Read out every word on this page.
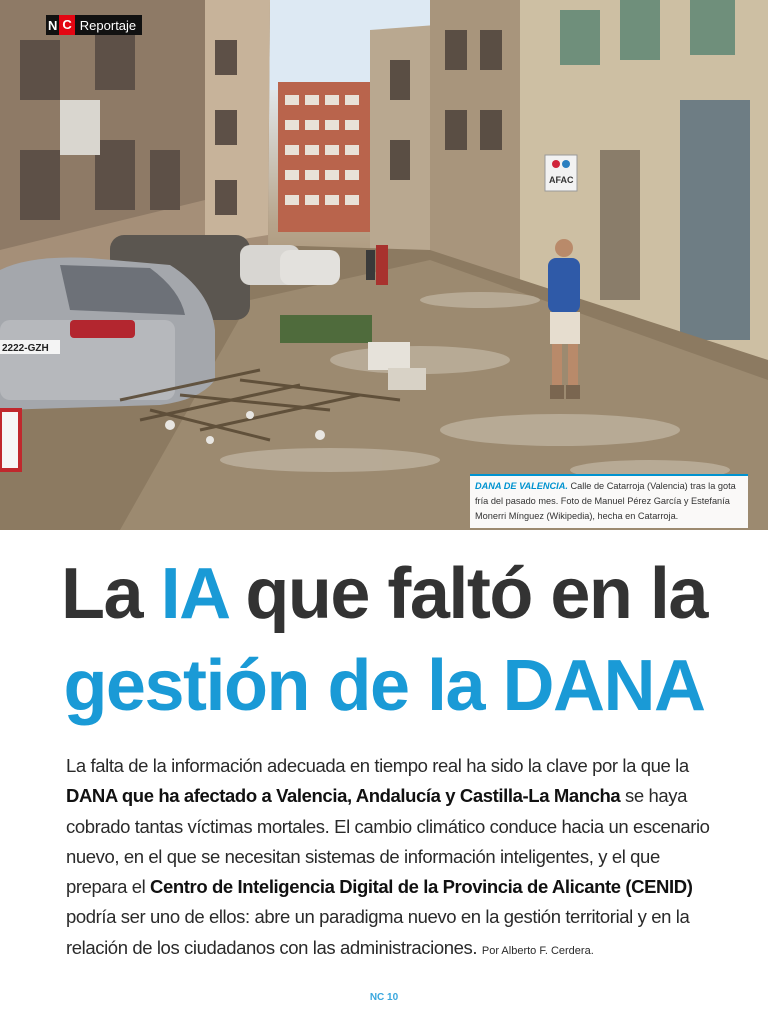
AFAC
2222-GZH
N C Reportaje
DANA DE VALENCIA. Calle de Catarroja (Valencia) tras la gota fría del pasado mes. Foto de Manuel Pérez García y Estefanía Monerri Mínguez (Wikipedia), hecha en Catarroja.
La IA que faltó en la
gestión de la DANA

La falta de la información adecuada en tiempo real ha sido la clave por la que la DANA que ha afectado a Valencia, Andalucía y Castilla-La Mancha se haya cobrado tantas víctimas mortales. El cambio climático conduce hacia un escenario nuevo, en el que se necesitan sistemas de información inteligentes, y el que prepara el Centro de Inteligencia Digital de la Provincia de Alicante (CENID) podría ser uno de ellos: abre un paradigma nuevo en la gestión territorial y en la relación de los ciudadanos con las administraciones. Por Alberto F. Cerdera.

NC 10
